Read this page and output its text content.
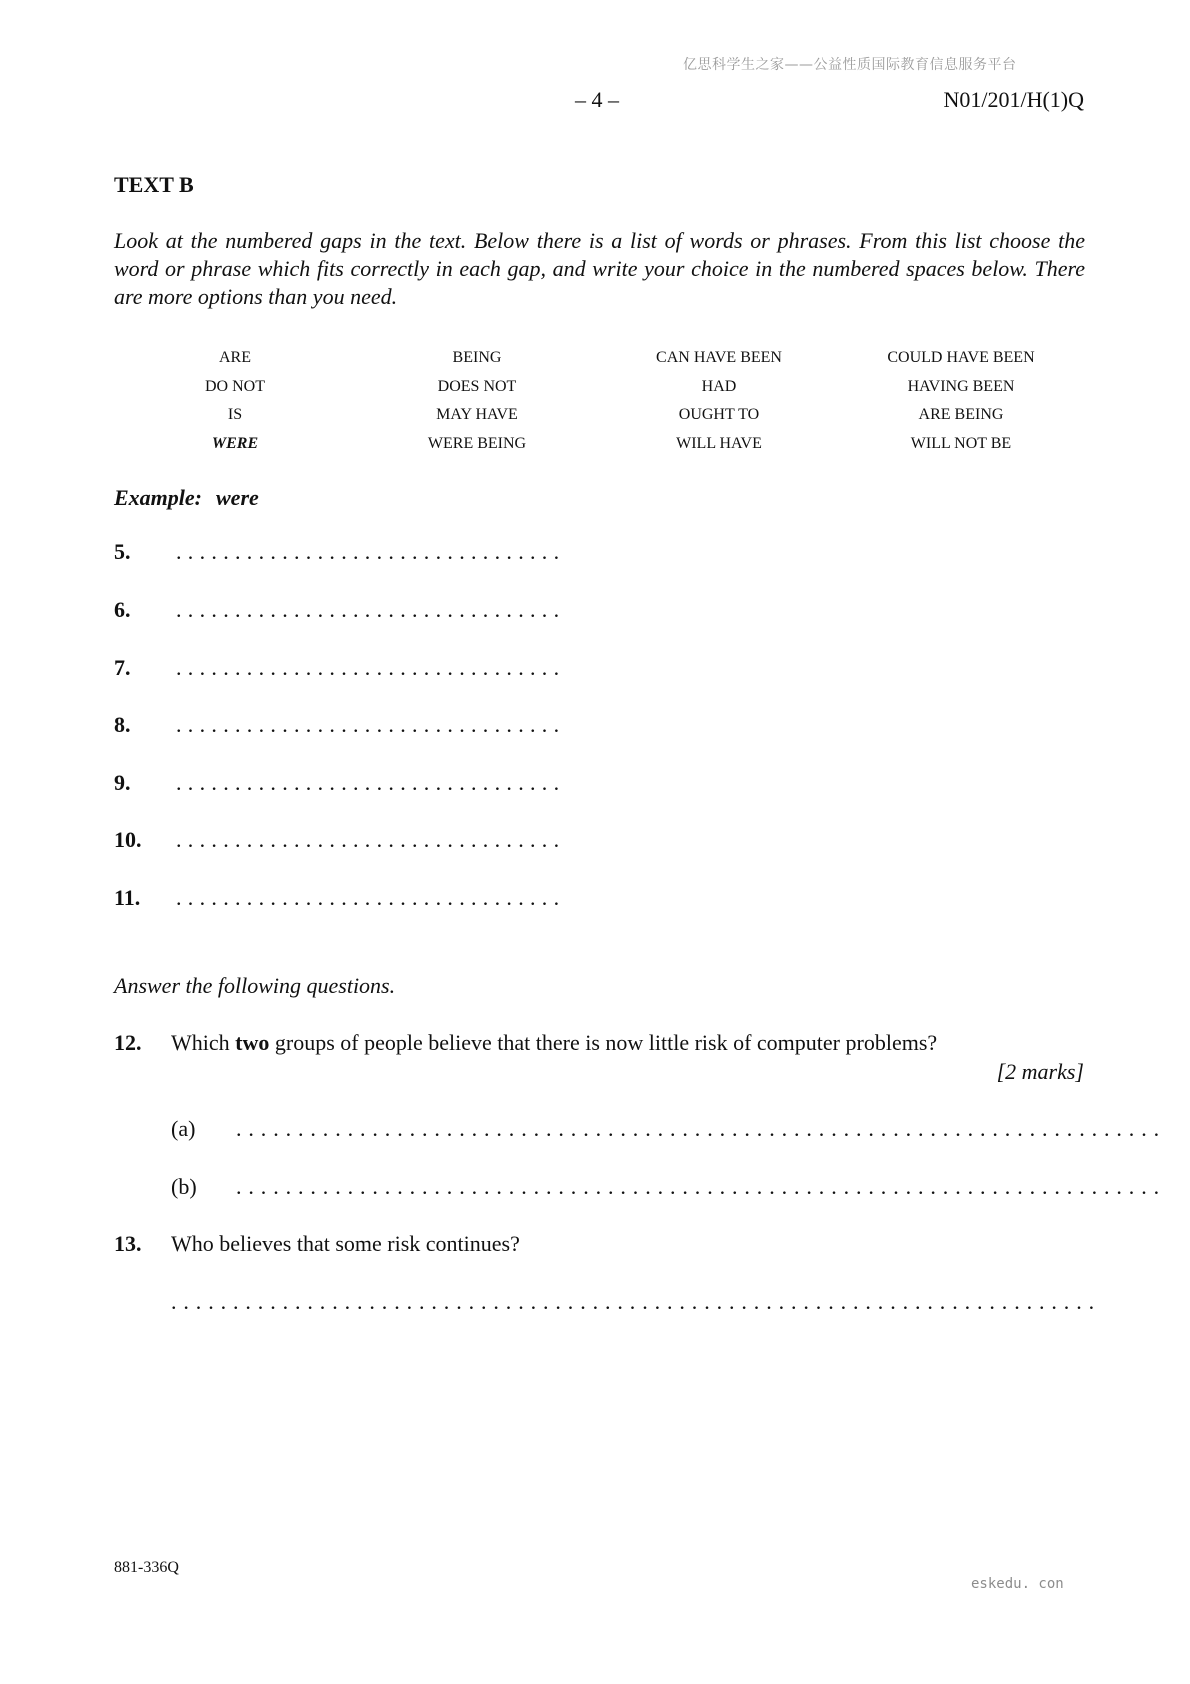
亿思科学生之家——公益性质国际教育信息服务平台
– 4 –	N01/201/H(1)Q
TEXT B
Look at the numbered gaps in the text. Below there is a list of words or phrases. From this list choose the word or phrase which fits correctly in each gap, and write your choice in the numbered spaces below. There are more options than you need.
ARE	BEING	CAN HAVE BEEN	COULD HAVE BEEN
DO NOT	DOES NOT	HAD	HAVING BEEN
IS	MAY HAVE	OUGHT TO	ARE BEING
WERE	WERE BEING	WILL HAVE	WILL NOT BE
Example: were
5. .................................
6. .................................
7. .................................
8. .................................
9. .................................
10. .................................
11. .................................
Answer the following questions.
12. Which two groups of people believe that there is now little risk of computer problems?
[2 marks]
(a) ...........................................................................
(b) ...........................................................................
13. Who believes that some risk continues?
...........................................................................
881-336Q
eskedu. con
